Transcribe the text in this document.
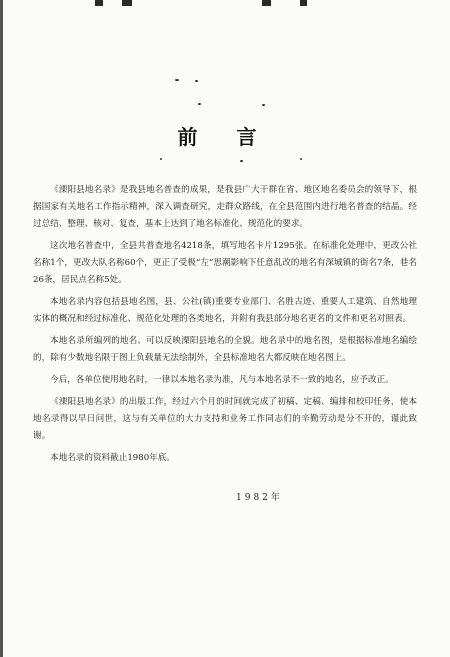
前 言

《溧阳县地名录》是我县地名普查的成果，是我县广大干群在省、地区地名委员会的领导下，根据国家有关地名工作指示精神，深入调查研究，走群众路线，在全县范围内进行地名普查的结晶。经过总结、整理、核对、复查，基本上达到了地名标准化、规范化的要求。

这次地名普查中，全县共普查地名4218条，填写地名卡片1295张。在标准化处理中，更改公社名称1个，更改大队名称60个，更正了受极“左”思潮影响下任意乱改的地名有深城镇的街名7条，巷名26条，居民点名称5处。

本地名录内容包括县地名图，县、公社(镇)重要专业部门、名胜古迹、重要人工建筑、自然地理实体的概况和经过标准化、规范化处理的各类地名，并附有我县部分地名更名的文件和更名对照表。

本地名录所编列的地名、可以反映溧阳县地名的全貌。地名录中的地名图，是根据标准地名编绘的，除有少数地名限于图上负载量无法绘制外，全县标准地名大都反映在地名图上。

今后，各单位使用地名时，一律以本地名录为准，凡与本地名录不一致的地名，应予改正。

《溧阳县地名录》的出版工作，经过六个月的时间就完成了初稿、定稿、编排和校印任务，使本地名录得以早日问世，这与有关单位的大力支持和业务工作同志们的辛勤劳动是分不开的，谨此致谢。

本地名录的资料截止1980年底。

1982年
